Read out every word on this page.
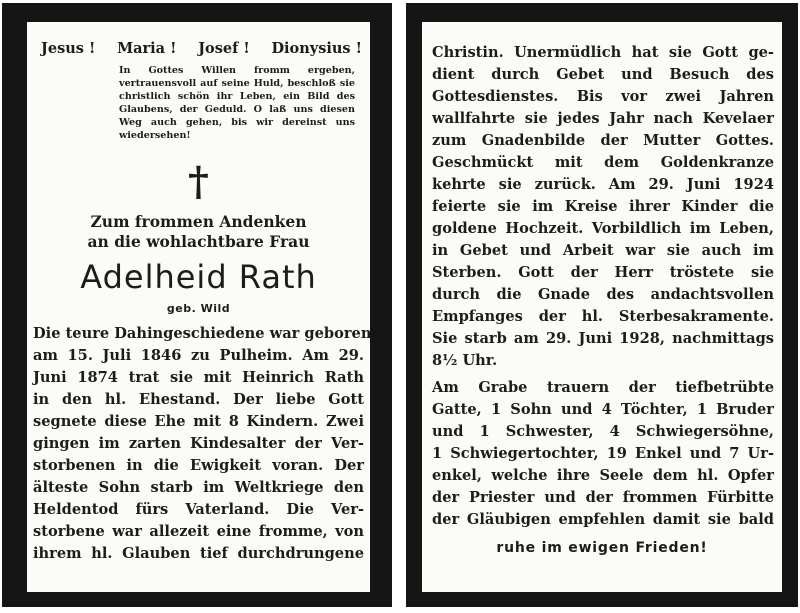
Jesus ! Maria ! Josef ! Dionysius !
In Gottes Willen fromm ergeben, vertrauensvoll auf seine Huld, beschloß sie christlich schön ihr Leben, ein Bild des Glaubens, der Geduld. O laß uns diesen Weg auch gehen, bis wir dereinst uns wiedersehen!
†
Zum frommen Andenken
an die wohlachtbare Frau
Adelheid Rath
geb. Wild
Die teure Dahingeschiedene war geboren
am 15. Juli 1846 zu Pulheim. Am 29.
Juni 1874 trat sie mit Heinrich Rath
in den hl. Ehestand. Der liebe Gott
segnete diese Ehe mit 8 Kindern. Zwei
gingen im zarten Kindesalter der Ver-
storbenen in die Ewigkeit voran. Der
älteste Sohn starb im Weltkriege den
Heldentod fürs Vaterland. Die Ver-
storbene war allezeit eine fromme, von
ihrem hl. Glauben tief durchdrungene
Christin. Unermüdlich hat sie Gott ge-
dient durch Gebet und Besuch des
Gottesdienstes. Bis vor zwei Jahren
wallfahrte sie jedes Jahr nach Kevelaer
zum Gnadenbilde der Mutter Gottes.
Geschmückt mit dem Goldenkranze
kehrte sie zurück. Am 29. Juni 1924
feierte sie im Kreise ihrer Kinder die
goldene Hochzeit. Vorbildlich im Leben,
in Gebet und Arbeit war sie auch im
Sterben. Gott der Herr tröstete sie
durch die Gnade des andachtsvollen
Empfanges der hl. Sterbesakramente.
Sie starb am 29. Juni 1928, nachmittags
8½ Uhr.
Am Grabe trauern der tiefbetrübte
Gatte, 1 Sohn und 4 Töchter, 1 Bruder
und 1 Schwester, 4 Schwiegersöhne,
1 Schwiegertochter, 19 Enkel und 7 Ur-
enkel, welche ihre Seele dem hl. Opfer
der Priester und der frommen Fürbitte
der Gläubigen empfehlen damit sie bald
ruhe im ewigen Frieden!
